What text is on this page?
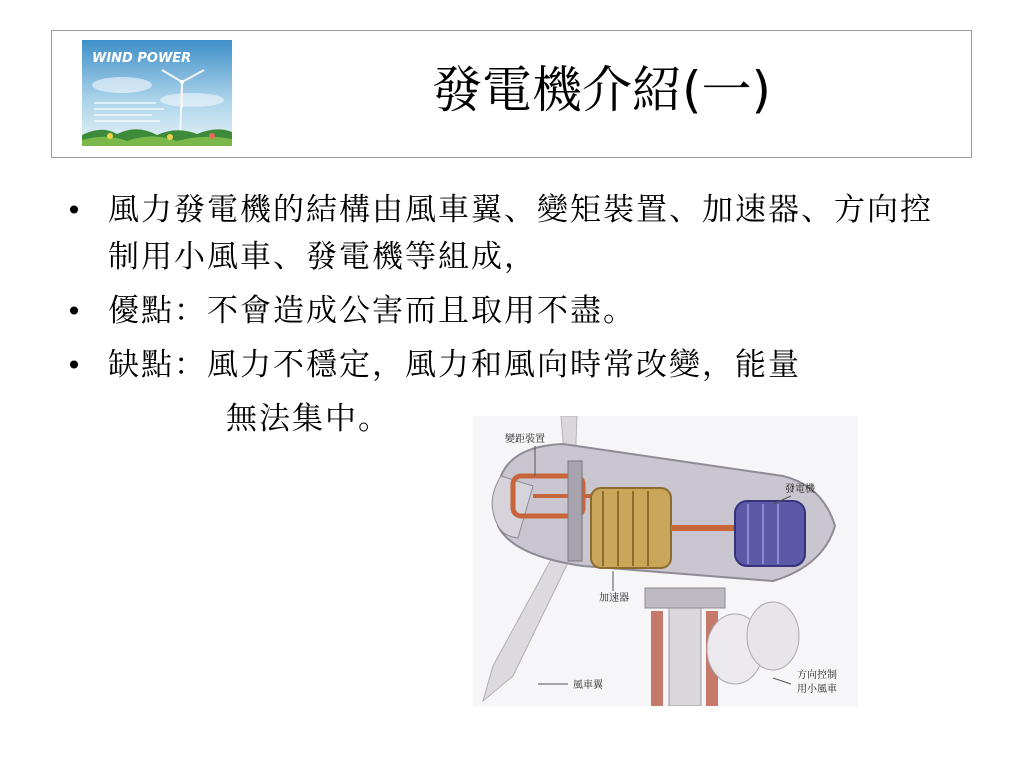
WIND POWER
發電機介紹(一)
• 風力發電機的結構由風車翼、變矩裝置、加速器、方向控制用小風車、發電機等組成，
• 優點：不會造成公害而且取用不盡。
• 缺點：風力不穩定，風力和風向時常改變，能量
無法集中。
變距裝置
發電機
加速器
風車翼
方向控制
用小風車
